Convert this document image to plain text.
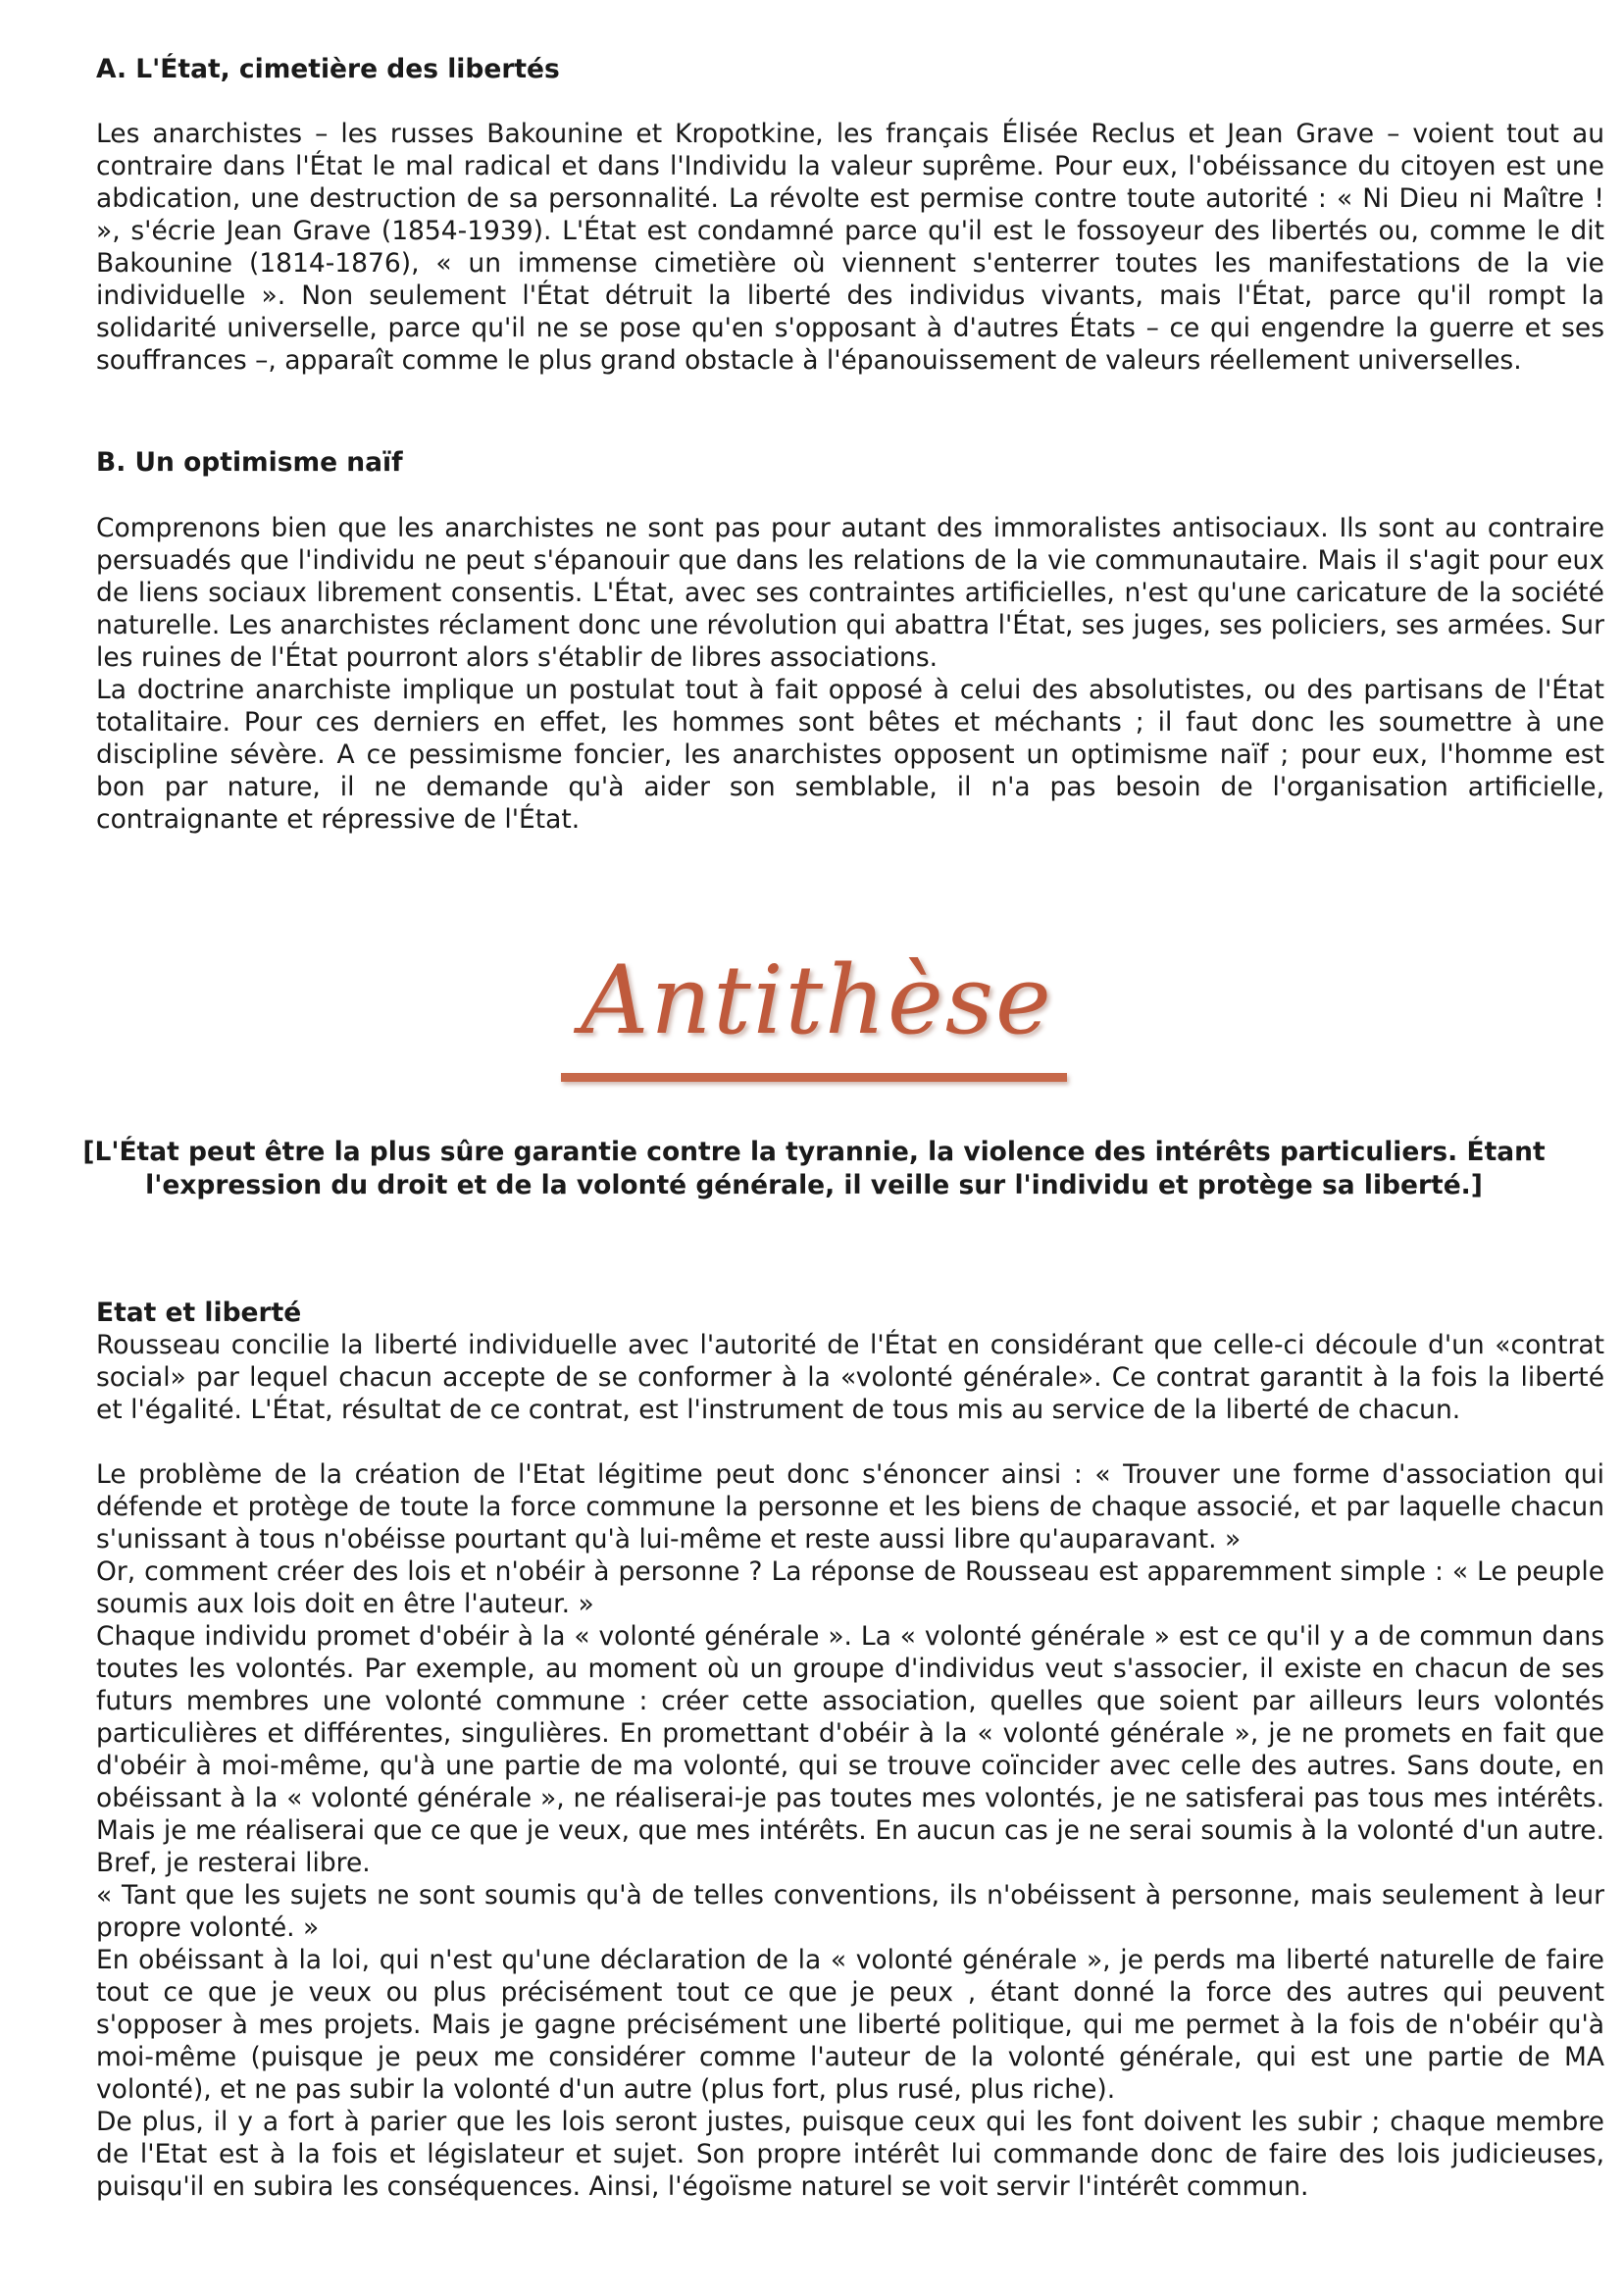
A. L'État, cimetière des libertés

Les anarchistes – les russes Bakounine et Kropotkine, les français Élisée Reclus et Jean Grave – voient tout au contraire dans l'État le mal radical et dans l'Individu la valeur suprême. Pour eux, l'obéissance du citoyen est une abdication, une destruction de sa personnalité. La révolte est permise contre toute autorité : « Ni Dieu ni Maître ! », s'écrie Jean Grave (1854-1939). L'État est condamné parce qu'il est le fossoyeur des libertés ou, comme le dit Bakounine (1814-1876), « un immense cimetière où viennent s'enterrer toutes les manifestations de la vie individuelle ». Non seulement l'État détruit la liberté des individus vivants, mais l'État, parce qu'il rompt la solidarité universelle, parce qu'il ne se pose qu'en s'opposant à d'autres États – ce qui engendre la guerre et ses souffrances –, apparaît comme le plus grand obstacle à l'épanouissement de valeurs réellement universelles.

B. Un optimisme naïf

Comprenons bien que les anarchistes ne sont pas pour autant des immoralistes antisociaux. Ils sont au contraire persuadés que l'individu ne peut s'épanouir que dans les relations de la vie communautaire. Mais il s'agit pour eux de liens sociaux librement consentis. L'État, avec ses contraintes artificielles, n'est qu'une caricature de la société naturelle. Les anarchistes réclament donc une révolution qui abattra l'État, ses juges, ses policiers, ses armées. Sur les ruines de l'État pourront alors s'établir de libres associations.

La doctrine anarchiste implique un postulat tout à fait opposé à celui des absolutistes, ou des partisans de l'État totalitaire. Pour ces derniers en effet, les hommes sont bêtes et méchants ; il faut donc les soumettre à une discipline sévère. A ce pessimisme foncier, les anarchistes opposent un optimisme naïf ; pour eux, l'homme est bon par nature, il ne demande qu'à aider son semblable, il n'a pas besoin de l'organisation artificielle, contraignante et répressive de l'État.

Antithèse
[L'État peut être la plus sûre garantie contre la tyrannie, la violence des intérêts particuliers. Étant
l'expression du droit et de la volonté générale, il veille sur l'individu et protège sa liberté.]
Etat et liberté

Rousseau concilie la liberté individuelle avec l'autorité de l'État en considérant que celle-ci découle d'un «contrat social» par lequel chacun accepte de se conformer à la «volonté générale». Ce contrat garantit à la fois la liberté et l'égalité. L'État, résultat de ce contrat, est l'instrument de tous mis au service de la liberté de chacun.

Le problème de la création de l'Etat légitime peut donc s'énoncer ainsi : « Trouver une forme d'association qui défende et protège de toute la force commune la personne et les biens de chaque associé, et par laquelle chacun s'unissant à tous n'obéisse pourtant qu'à lui-même et reste aussi libre qu'auparavant. »

Or, comment créer des lois et n'obéir à personne ? La réponse de Rousseau est apparemment simple : « Le peuple soumis aux lois doit en être l'auteur. »

Chaque individu promet d'obéir à la « volonté générale ». La « volonté générale » est ce qu'il y a de commun dans toutes les volontés. Par exemple, au moment où un groupe d'individus veut s'associer, il existe en chacun de ses futurs membres une volonté commune : créer cette association, quelles que soient par ailleurs leurs volontés particulières et différentes, singulières. En promettant d'obéir à la « volonté générale », je ne promets en fait que d'obéir à moi-même, qu'à une partie de ma volonté, qui se trouve coïncider avec celle des autres. Sans doute, en obéissant à la « volonté générale », ne réaliserai-je pas toutes mes volontés, je ne satisferai pas tous mes intérêts. Mais je me réaliserai que ce que je veux, que mes intérêts. En aucun cas je ne serai soumis à la volonté d'un autre. Bref, je resterai libre.

« Tant que les sujets ne sont soumis qu'à de telles conventions, ils n'obéissent à personne, mais seulement à leur propre volonté. »

En obéissant à la loi, qui n'est qu'une déclaration de la « volonté générale », je perds ma liberté naturelle de faire tout ce que je veux ou plus précisément tout ce que je peux , étant donné la force des autres qui peuvent s'opposer à mes projets. Mais je gagne précisément une liberté politique, qui me permet à la fois de n'obéir qu'à moi-même (puisque je peux me considérer comme l'auteur de la volonté générale, qui est une partie de MA volonté), et ne pas subir la volonté d'un autre (plus fort, plus rusé, plus riche).

De plus, il y a fort à parier que les lois seront justes, puisque ceux qui les font doivent les subir ; chaque membre de l'Etat est à la fois et législateur et sujet. Son propre intérêt lui commande donc de faire des lois judicieuses, puisqu'il en subira les conséquences. Ainsi, l'égoïsme naturel se voit servir l'intérêt commun.
